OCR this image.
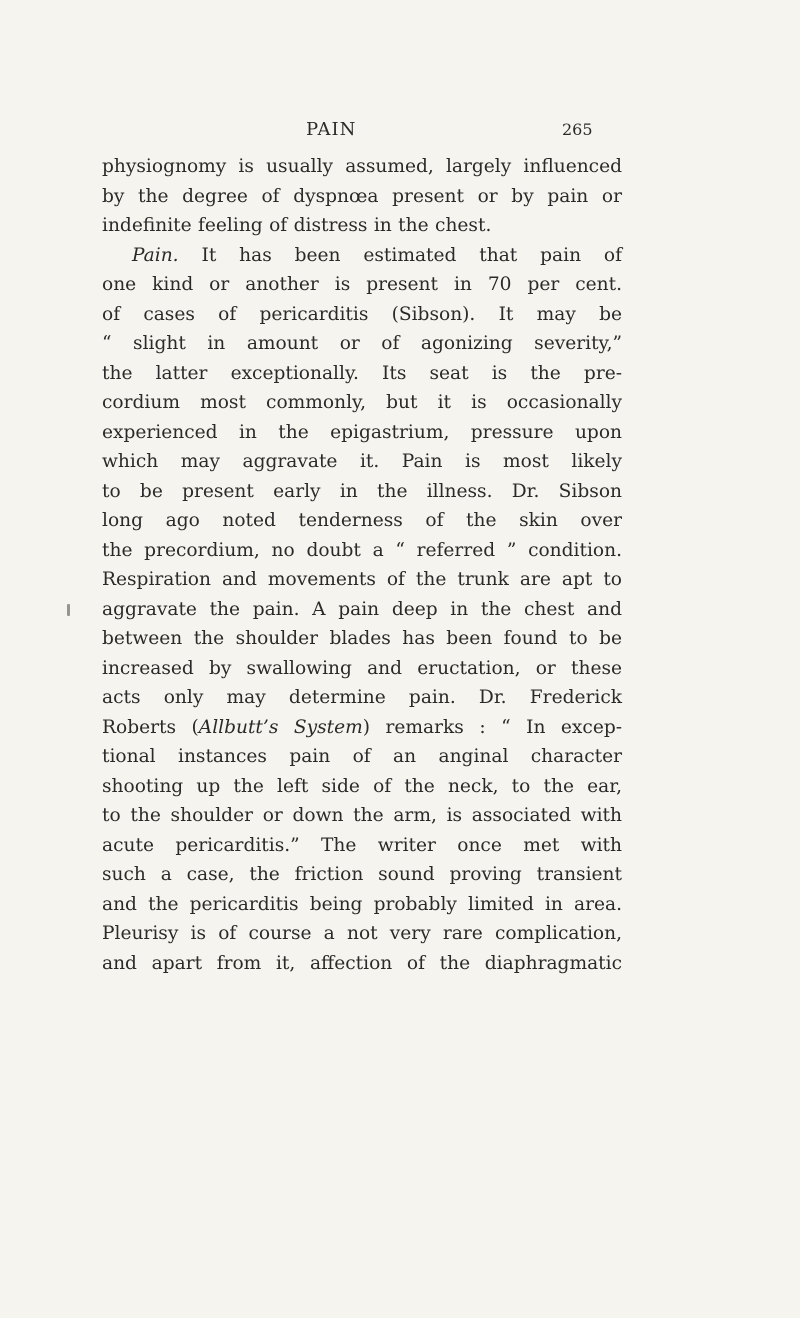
PAIN	265
physiognomy is usually assumed, largely influenced
by the degree of dyspnœa present or by pain or
indefinite feeling of distress in the chest.
Pain. It has been estimated that pain of
one kind or another is present in 70 per cent.
of cases of pericarditis (Sibson). It may be
“ slight in amount or of agonizing severity,”
the latter exceptionally. Its seat is the pre-
cordium most commonly, but it is occasionally
experienced in the epigastrium, pressure upon
which may aggravate it. Pain is most likely
to be present early in the illness. Dr. Sibson
long ago noted tenderness of the skin over
the precordium, no doubt a “ referred ” condition.
Respiration and movements of the trunk are apt to
aggravate the pain. A pain deep in the chest and
between the shoulder blades has been found to be
increased by swallowing and eructation, or these
acts only may determine pain. Dr. Frederick
Roberts (Allbutt’s System) remarks : “ In excep-
tional instances pain of an anginal character
shooting up the left side of the neck, to the ear,
to the shoulder or down the arm, is associated with
acute pericarditis.” The writer once met with
such a case, the friction sound proving transient
and the pericarditis being probably limited in area.
Pleurisy is of course a not very rare complication,
and apart from it, affection of the diaphragmatic
